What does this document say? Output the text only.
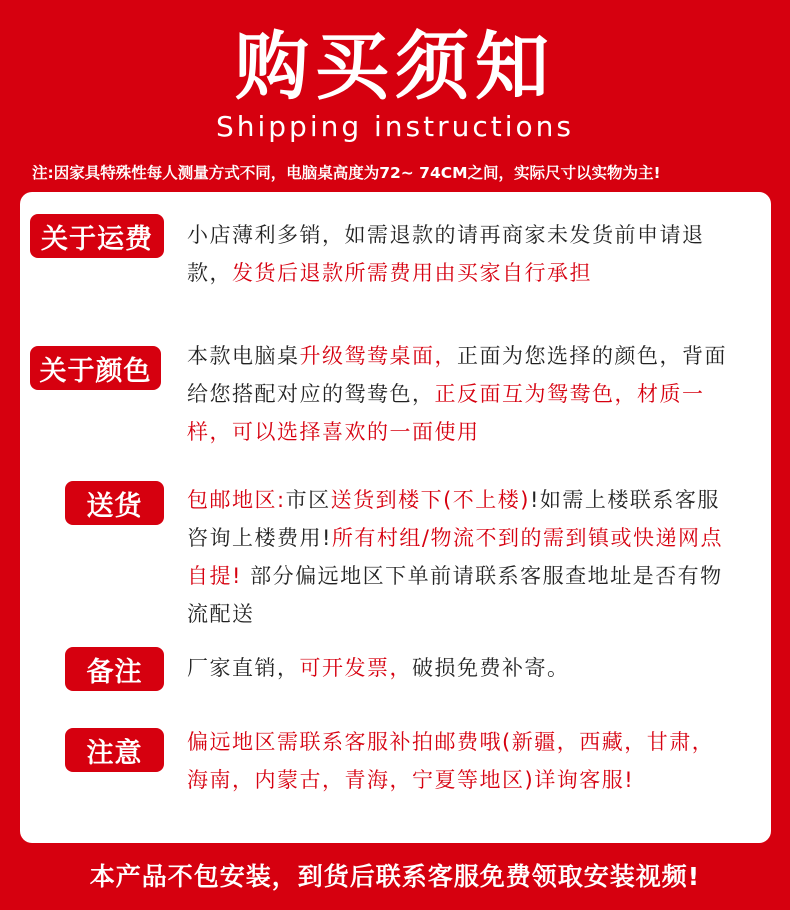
购买须知
Shipping instructions
注:因家具特殊性每人测量方式不同，电脑桌高度为72~ 74CM之间，实际尺寸以实物为主!
关于运费	小店薄利多销，如需退款的请再商家未发货前申请退款，发货后退款所需费用由买家自行承担
关于颜色	本款电脑桌升级鸳鸯桌面，正面为您选择的颜色，背面给您搭配对应的鸳鸯色，正反面互为鸳鸯色，材质一样，可以选择喜欢的一面使用
送货	包邮地区:市区送货到楼下(不上楼)!如需上楼联系客服咨询上楼费用!所有村组/物流不到的需到镇或快递网点自提! 部分偏远地区下单前请联系客服查地址是否有物流配送
备注	厂家直销，可开发票，破损免费补寄。
注意	偏远地区需联系客服补拍邮费哦(新疆，西藏，甘肃，海南，内蒙古，青海，宁夏等地区)详询客服!
本产品不包安装，到货后联系客服免费领取安装视频!
